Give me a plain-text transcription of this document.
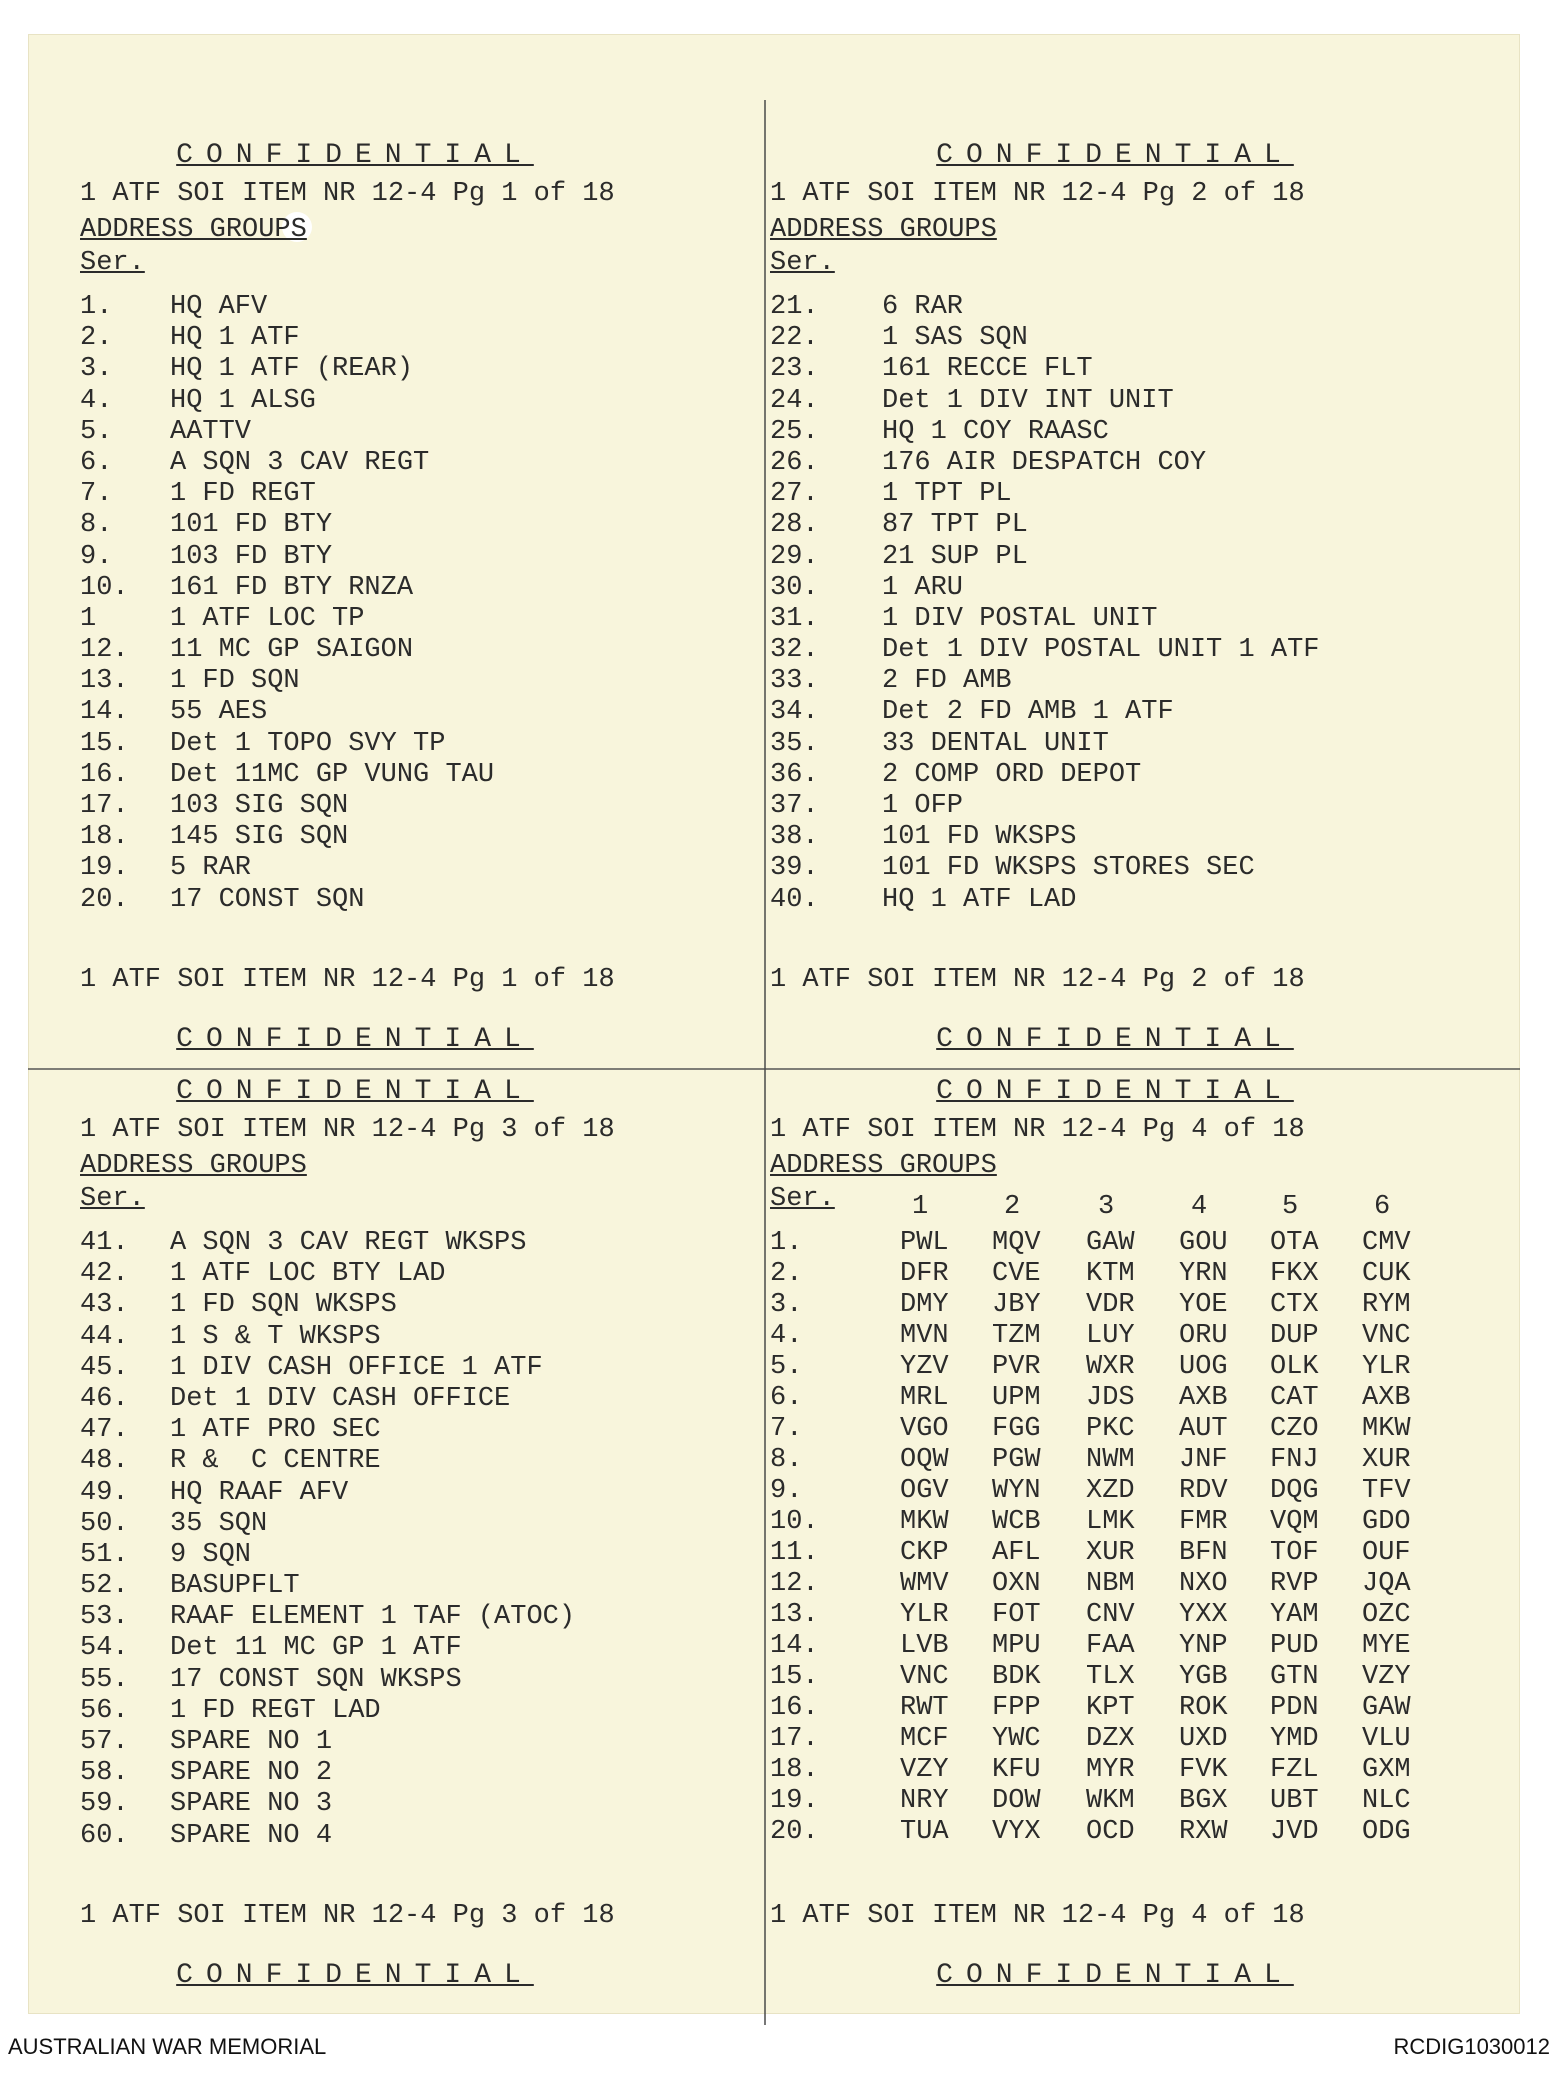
CONFIDENTIAL
1 ATF SOI ITEM NR 12-4 Pg 1 of 18
ADDRESS GROUPS
Ser.
1.	HQ AFV
2.	HQ 1 ATF
3.	HQ 1 ATF (REAR)
4.	HQ 1 ALSG
5.	AATTV
6.	A SQN 3 CAV REGT
7.	1 FD REGT
8.	101 FD BTY
9.	103 FD BTY
10.	161 FD BTY RNZA
1	1 ATF LOC TP
12.	11 MC GP SAIGON
13.	1 FD SQN
14.	55 AES
15.	Det 1 TOPO SVY TP
16.	Det 11MC GP VUNG TAU
17.	103 SIG SQN
18.	145 SIG SQN
19.	5 RAR
20.	17 CONST SQN
1 ATF SOI ITEM NR 12-4 Pg 1 of 18
CONFIDENTIAL
CONFIDENTIAL
1 ATF SOI ITEM NR 12-4 Pg 2 of 18
ADDRESS GROUPS
Ser.
21.	6 RAR
22.	1 SAS SQN
23.	161 RECCE FLT
24.	Det 1 DIV INT UNIT
25.	HQ 1 COY RAASC
26.	176 AIR DESPATCH COY
27.	1 TPT PL
28.	87 TPT PL
29.	21 SUP PL
30.	1 ARU
31.	1 DIV POSTAL UNIT
32.	Det 1 DIV POSTAL UNIT 1 ATF
33.	2 FD AMB
34.	Det 2 FD AMB 1 ATF
35.	33 DENTAL UNIT
36.	2 COMP ORD DEPOT
37.	1 OFP
38.	101 FD WKSPS
39.	101 FD WKSPS STORES SEC
40.	HQ 1 ATF LAD
1 ATF SOI ITEM NR 12-4 Pg 2 of 18
CONFIDENTIAL
CONFIDENTIAL
1 ATF SOI ITEM NR 12-4 Pg 3 of 18
ADDRESS GROUPS
Ser.
41.	A SQN 3 CAV REGT WKSPS
42.	1 ATF LOC BTY LAD
43.	1 FD SQN WKSPS
44.	1 S & T WKSPS
45.	1 DIV CASH OFFICE 1 ATF
46.	Det 1 DIV CASH OFFICE
47.	1 ATF PRO SEC
48.	R &  C CENTRE
49.	HQ RAAF AFV
50.	35 SQN
51.	9 SQN
52.	BASUPFLT
53.	RAAF ELEMENT 1 TAF (ATOC)
54.	Det 11 MC GP 1 ATF
55.	17 CONST SQN WKSPS
56.	1 FD REGT LAD
57.	SPARE NO 1
58.	SPARE NO 2
59.	SPARE NO 3
60.	SPARE NO 4
1 ATF SOI ITEM NR 12-4 Pg 3 of 18
CONFIDENTIAL
CONFIDENTIAL
1 ATF SOI ITEM NR 12-4 Pg 4 of 18
ADDRESS GROUPS
Ser.	1	2	3	4	5	6
1.	PWL MQV GAW GOU OTA CMV
2.	DFR CVE KTM YRN FKX CUK
3.	DMY JBY VDR YOE CTX RYM
4.	MVN TZM LUY ORU DUP VNC
5.	YZV PVR WXR UOG OLK YLR
6.	MRL UPM JDS AXB CAT AXB
7.	VGO FGG PKC AUT CZO MKW
8.	OQW PGW NWM JNF FNJ XUR
9.	OGV WYN XZD RDV DQG TFV
10.	MKW WCB LMK FMR VQM GDO
11.	CKP AFL XUR BFN TOF OUF
12.	WMV OXN NBM NXO RVP JQA
13.	YLR FOT CNV YXX YAM OZC
14.	LVB MPU FAA YNP PUD MYE
15.	VNC BDK TLX YGB GTN VZY
16.	RWT FPP KPT ROK PDN GAW
17.	MCF YWC DZX UXD YMD VLU
18.	VZY KFU MYR FVK FZL GXM
19.	NRY DOW WKM BGX UBT NLC
20.	TUA VYX OCD RXW JVD ODG
1 ATF SOI ITEM NR 12-4 Pg 4 of 18
CONFIDENTIAL
AUSTRALIAN WAR MEMORIAL	RCDIG1030012
